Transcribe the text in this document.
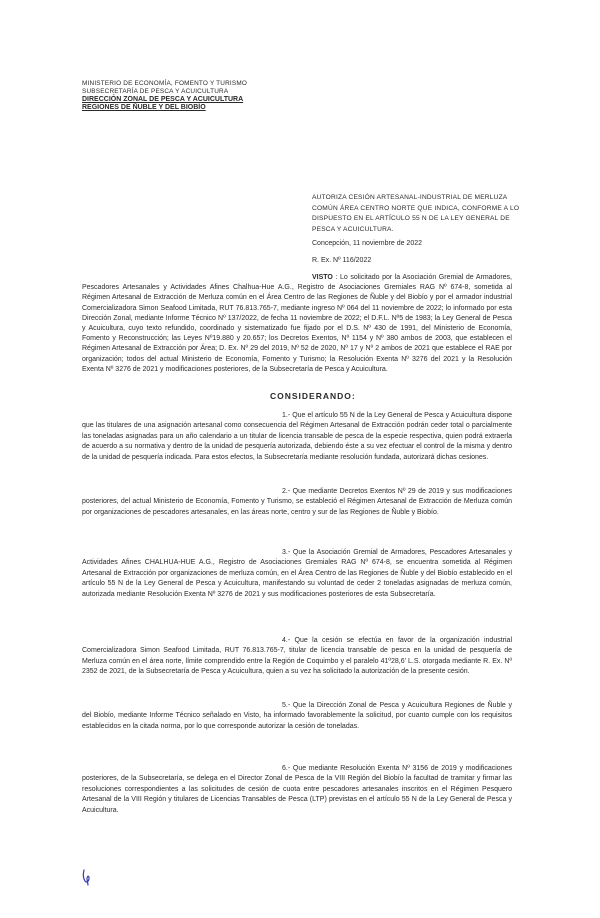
MINISTERIO DE ECONOMÍA, FOMENTO Y TURISMO
SUBSECRETARÍA DE PESCA Y ACUICULTURA
DIRECCIÓN ZONAL DE PESCA Y ACUICULTURA
REGIONES DE ÑUBLE Y DEL BIOBÍO
AUTORIZA CESIÓN ARTESANAL-INDUSTRIAL DE MERLUZA COMÚN ÁREA CENTRO NORTE QUE INDICA, CONFORME A LO DISPUESTO EN EL ARTÍCULO 55 N DE LA LEY GENERAL DE PESCA Y ACUICULTURA.
Concepción, 11 noviembre de 2022
R. Ex. Nº 116/2022
VISTO : Lo solicitado por la Asociación Gremial de Armadores, Pescadores Artesanales y Actividades Afines Chalhua-Hue A.G., Registro de Asociaciones Gremiales RAG Nº 674-8, sometida al Régimen Artesanal de Extracción de Merluza común en el Área Centro de las Regiones de Ñuble y del Biobío y por el armador industrial Comercializadora Simon Seafood Limitada, RUT 76.813.765-7, mediante ingreso Nº 064 del 11 noviembre de 2022; lo informado por esta Dirección Zonal, mediante Informe Técnico Nº 137/2022, de fecha 11 noviembre de 2022; el D.F.L. Nº5 de 1983; la Ley General de Pesca y Acuicultura, cuyo texto refundido, coordinado y sistematizado fue fijado por el D.S. Nº 430 de 1991, del Ministerio de Economía, Fomento y Reconstrucción; las Leyes Nº19.880 y 20.657; los Decretos Exentos, Nº 1154 y Nº 380 ambos de 2003, que establecen el Régimen Artesanal de Extracción por Área; D. Ex. Nº 29 del 2019, Nº 52 de 2020, Nº 17 y Nº 2 ambos de 2021 que establece el RAE por organización; todos del actual Ministerio de Economía, Fomento y Turismo; la Resolución Exenta Nº 3276 del 2021 y la Resolución Exenta Nº 3276 de 2021 y modificaciones posteriores, de la Subsecretaría de Pesca y Acuicultura.
CONSIDERANDO:

1.- Que el artículo 55 N de la Ley General de Pesca y Acuicultura dispone que las titulares de una asignación artesanal como consecuencia del Régimen Artesanal de Extracción podrán ceder total o parcialmente las toneladas asignadas para un año calendario a un titular de licencia transable de pesca de la especie respectiva, quien podrá extraerla de acuerdo a su normativa y dentro de la unidad de pesquería autorizada, debiendo éste a su vez efectuar el control de la misma y dentro de la unidad de pesquería indicada. Para estos efectos, la Subsecretaría mediante resolución fundada, autorizará dichas cesiones.

2.- Que mediante Decretos Exentos Nº 29 de 2019 y sus modificaciones posteriores, del actual Ministerio de Economía, Fomento y Turismo, se estableció el Régimen Artesanal de Extracción de Merluza común por organizaciones de pescadores artesanales, en las áreas norte, centro y sur de las Regiones de Ñuble y Biobío.

3.- Que la Asociación Gremial de Armadores, Pescadores Artesanales y Actividades Afines CHALHUA-HUE A.G., Registro de Asociaciones Gremiales RAG Nº 674-8, se encuentra sometida al Régimen Artesanal de Extracción por organizaciones de merluza común, en el Área Centro de las Regiones de Ñuble y del Biobío establecido en el artículo 55 N de la Ley General de Pesca y Acuicultura, manifestando su voluntad de ceder 2 toneladas asignadas de merluza común, autorizada mediante Resolución Exenta Nº 3276 de 2021 y sus modificaciones posteriores de esta Subsecretaría.

4.- Que la cesión se efectúa en favor de la organización industrial Comercializadora Simon Seafood Limitada, RUT 76.813.765-7, titular de licencia transable de pesca en la unidad de pesquería de Merluza común en el área norte, límite comprendido entre la Región de Coquimbo y el paralelo 41º28,6' L.S. otorgada mediante R. Ex. Nº 2352 de 2021, de la Subsecretaría de Pesca y Acuicultura, quien a su vez ha solicitado la autorización de la presente cesión.

5.- Que la Dirección Zonal de Pesca y Acuicultura Regiones de Ñuble y del Biobío, mediante Informe Técnico señalado en Visto, ha informado favorablemente la solicitud, por cuanto cumple con los requisitos establecidos en la citada norma, por lo que corresponde autorizar la cesión de toneladas.

6.- Que mediante Resolución Exenta Nº 3156 de 2019 y modificaciones posteriores, de la Subsecretaría, se delega en el Director Zonal de Pesca de la VIII Región del Biobío la facultad de tramitar y firmar las resoluciones correspondientes a las solicitudes de cesión de cuota entre pescadores artesanales inscritos en el Régimen Pesquero Artesanal de la VIII Región y titulares de Licencias Transables de Pesca (LTP) previstas en el artículo 55 N de la Ley General de Pesca y Acuicultura.
